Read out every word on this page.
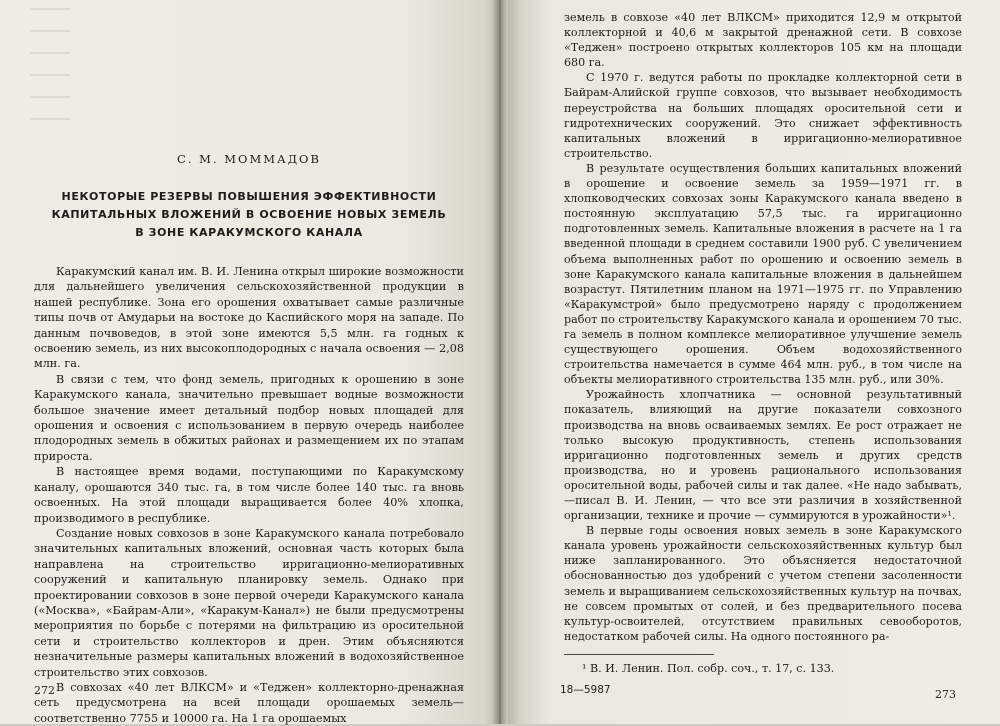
С. М. МОММАДОВ
НЕКОТОРЫЕ РЕЗЕРВЫ ПОВЫШЕНИЯ ЭФФЕКТИВНОСТИ
КАПИТАЛЬНЫХ ВЛОЖЕНИЙ В ОСВОЕНИЕ НОВЫХ ЗЕМЕЛЬ
В ЗОНЕ КАРАКУМСКОГО КАНАЛА

Каракумский канал им. В. И. Ленина открыл широкие возможности для дальнейшего увеличения сельскохозяйственной продукции в нашей республике. Зона его орошения охватывает самые различные типы почв от Амударьи на востоке до Каспийского моря на западе. По данным почвоведов, в этой зоне имеются 5,5 млн. га годных к освоению земель, из них высокоплодородных с начала освоения — 2,08 млн. га.

В связи с тем, что фонд земель, пригодных к орошению в зоне Каракумского канала, значительно превышает водные возможности большое значение имеет детальный подбор новых площадей для орошения и освоения с использованием в первую очередь наиболее плодородных земель в обжитых районах и размещением их по этапам прироста.

В настоящее время водами, поступающими по Каракумскому каналу, орошаются 340 тыс. га, в том числе более 140 тыс. га вновь освоенных. На этой площади выращивается более 40% хлопка, производимого в республике.

Создание новых совхозов в зоне Каракумского канала потребовало значительных капитальных вложений, основная часть которых была направлена на строительство ирригационно-мелиоративных сооружений и капитальную планировку земель. Однако при проектировании совхозов в зоне первой очереди Каракумского канала («Москва», «Байрам-Али», «Каракум-Канал») не были предусмотрены мероприятия по борьбе с потерями на фильтрацию из оросительной сети и строительство коллекторов и дрен. Этим объясняются незначительные размеры капитальных вложений в водохозяйственное строительство этих совхозов.

В совхозах «40 лет ВЛКСМ» и «Теджен» коллекторно-дренажная сеть предусмотрена на всей площади орошаемых земель—соответственно 7755 и 10000 га. На 1 га орошаемых

земель в совхозе «40 лет ВЛКСМ» приходится 12,9 м открытой коллекторной и 40,6 м закрытой дренажной сети. В совхозе «Теджен» построено открытых коллекторов 105 км на площади 680 га.

С 1970 г. ведутся работы по прокладке коллекторной сети в Байрам-Алийской группе совхозов, что вызывает необходимость переустройства на больших площадях оросительной сети и гидротехнических сооружений. Это снижает эффективность капитальных вложений в ирригационно-мелиоративное строительство.

В результате осуществления больших капитальных вложений в орошение и освоение земель за 1959—1971 гг. в хлопководческих совхозах зоны Каракумского канала введено в постоянную эксплуатацию 57,5 тыс. га ирригационно подготовленных земель. Капитальные вложения в расчете на 1 га введенной площади в среднем составили 1900 руб. С увеличением объема выполненных работ по орошению и освоению земель в зоне Каракумского канала капитальные вложения в дальнейшем возрастут. Пятилетним планом на 1971—1975 гг. по Управлению «Каракумстрой» было предусмотрено наряду с продолжением работ по строительству Каракумского канала и орошением 70 тыс. га земель в полном комплексе мелиоративное улучшение земель существующего орошения. Объем водохозяйственного строительства намечается в сумме 464 млн. руб., в том числе на объекты мелиоративного строительства 135 млн. руб., или 30%.

Урожайность хлопчатника — основной результативный показатель, влияющий на другие показатели совхозного производства на вновь осваиваемых землях. Ее рост отражает не только высокую продуктивность, степень использования ирригационно подготовленных земель и других средств производства, но и уровень рационального использования оросительной воды, рабочей силы и так далее. «Не надо забывать,—писал В. И. Ленин, — что все эти различия в хозяйственной организации, технике и прочие — суммируются в урожайности»¹.

В первые годы освоения новых земель в зоне Каракумского канала уровень урожайности сельскохозяйственных культур был ниже запланированного. Это объясняется недостаточной обоснованностью доз удобрений с учетом степени засоленности земель и выращиванием сельскохозяйственных культур на почвах, не совсем промытых от солей, и без предварительного посева культур-освоителей, отсутствием правильных севооборотов, недостатком рабочей силы. На одного постоянного ра-

¹ В. И. Ленин. Пол. собр. соч., т. 17, с. 133.

272	18—5987	273
